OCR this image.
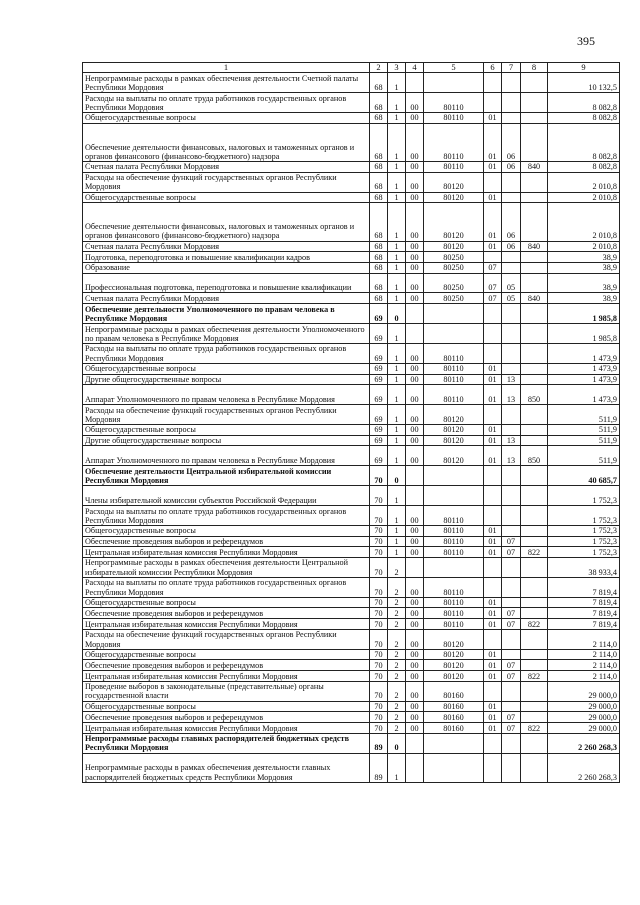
395
1	2	3	4	5	6	7	8	9
Непрограммные расходы в рамках обеспечения деятельности Счетной палаты Республики Мордовия	68	1						10 132,5
Расходы на выплаты по оплате труда работников государственных органов Республики Мордовия	68	1	00	80110				8 082,8
Общегосударственные вопросы	68	1	00	80110	01			8 082,8
Обеспечение деятельности финансовых, налоговых и таможенных органов и органов финансового (финансово-бюджетного) надзора	68	1	00	80110	01	06		8 082,8
Счетная палата Республики Мордовия	68	1	00	80110	01	06	840	8 082,8
Расходы на обеспечение функций государственных органов Республики Мордовия	68	1	00	80120				2 010,8
Общегосударственные вопросы	68	1	00	80120	01			2 010,8
Обеспечение деятельности финансовых, налоговых и таможенных органов и органов финансового (финансово-бюджетного) надзора	68	1	00	80120	01	06		2 010,8
Счетная палата Республики Мордовия	68	1	00	80120	01	06	840	2 010,8
Подготовка, переподготовка и повышение квалификации кадров	68	1	00	80250				38,9
Образование	68	1	00	80250	07			38,9
Профессиональная подготовка, переподготовка и повышение квалификации	68	1	00	80250	07	05		38,9
Счетная палата Республики Мордовия	68	1	00	80250	07	05	840	38,9
Обеспечение деятельности Уполномоченного по правам человека в Республике Мордовия	69	0						1 985,8
Непрограммные расходы в рамках обеспечения деятельности Уполномоченного по правам человека в Республике Мордовия	69	1						1 985,8
Расходы на выплаты по оплате труда работников государственных органов Республики Мордовия	69	1	00	80110				1 473,9
Общегосударственные вопросы	69	1	00	80110	01			1 473,9
Другие общегосударственные вопросы	69	1	00	80110	01	13		1 473,9
Аппарат Уполномоченного по правам человека в Республике Мордовия	69	1	00	80110	01	13	850	1 473,9
Расходы на обеспечение функций государственных органов Республики Мордовия	69	1	00	80120				511,9
Общегосударственные вопросы	69	1	00	80120	01			511,9
Другие общегосударственные вопросы	69	1	00	80120	01	13		511,9
Аппарат Уполномоченного по правам человека в Республике Мордовия	69	1	00	80120	01	13	850	511,9
Обеспечение деятельности Центральной избирательной комиссии Республики Мордовия	70	0						40 685,7
Члены избирательной комиссии субъектов Российской Федерации	70	1						1 752,3
Расходы на выплаты по оплате труда работников государственных органов Республики Мордовия	70	1	00	80110				1 752,3
Общегосударственные вопросы	70	1	00	80110	01			1 752,3
Обеспечение проведения выборов и референдумов	70	1	00	80110	01	07		1 752,3
Центральная избирательная комиссия Республики Мордовия	70	1	00	80110	01	07	822	1 752,3
Непрограммные расходы в рамках обеспечения деятельности Центральной избирательной комиссии Республики Мордовия	70	2						38 933,4
Расходы на выплаты по оплате труда работников государственных органов Республики Мордовия	70	2	00	80110				7 819,4
Общегосударственные вопросы	70	2	00	80110	01			7 819,4
Обеспечение проведения выборов и референдумов	70	2	00	80110	01	07		7 819,4
Центральная избирательная комиссия Республики Мордовия	70	2	00	80110	01	07	822	7 819,4
Расходы на обеспечение функций государственных органов Республики Мордовия	70	2	00	80120				2 114,0
Общегосударственные вопросы	70	2	00	80120	01			2 114,0
Обеспечение проведения выборов и референдумов	70	2	00	80120	01	07		2 114,0
Центральная избирательная комиссия Республики Мордовия	70	2	00	80120	01	07	822	2 114,0
Проведение выборов в законодательные (представительные) органы государственной власти	70	2	00	80160				29 000,0
Общегосударственные вопросы	70	2	00	80160	01			29 000,0
Обеспечение проведения выборов и референдумов	70	2	00	80160	01	07		29 000,0
Центральная избирательная комиссия Республики Мордовия	70	2	00	80160	01	07	822	29 000,0
Непрограммные расходы главных распорядителей бюджетных средств Республики Мордовия	89	0						2 260 268,3
Непрограммные расходы в рамках обеспечения деятельности главных распорядителей бюджетных средств Республики Мордовия	89	1						2 260 268,3
